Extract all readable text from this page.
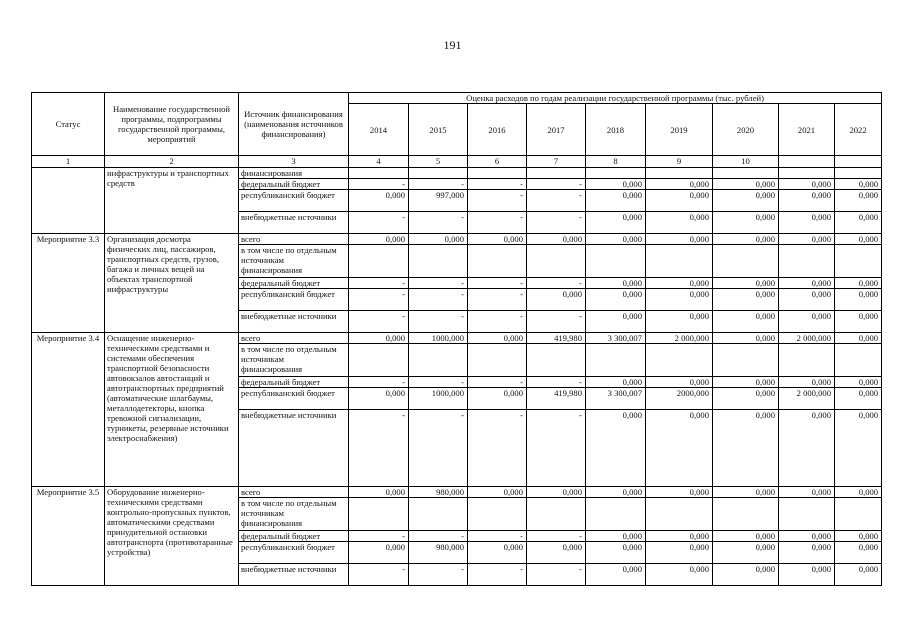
191
Статус	Наименование государственной программы, подпрограммы государственной программы, мероприятий	Источник финансирования (наименования источников финансирования)	Оценка расходов по годам реализации государственной программы (тыс. рублей)								
			2014	2015	2016	2017	2018	2019	2020	2021	2022
1	2	3	4	5	6	7	8	9	10		
	инфраструктуры и транспортных средств	финансирования									
		федеральный бюджет	-	-	-	-	0,000	0,000	0,000	0,000	0,000
		республиканский бюджет	0,000	997,000	-	-	0,000	0,000	0,000	0,000	0,000
		внебюджетные источники	-	-	-	-	0,000	0,000	0,000	0,000	0,000
Мероприятие 3.3	Организация досмотра физических лиц, пассажиров, транспортных средств, грузов, багажа и личных вещей на объектах транспортной инфраструктуры	всего	0,000	0,000	0,000	0,000	0,000	0,000	0,000	0,000	0,000
		в том числе по отдельным источникам финансирования									
		федеральный бюджет	-	-	-	-	0,000	0,000	0,000	0,000	0,000
		республиканский бюджет	-	-	-	0,000	0,000	0,000	0,000	0,000	0,000
		внебюджетные источники	-	-	-	-	0,000	0,000	0,000	0,000	0,000
Мероприятие 3.4	Оснащение инженерно-техническими средствами и системами обеспечения транспортной безопасности автовокзалов автостанций и автотранспортных предприятий (автоматические шлагбаумы, металлодетекторы, кнопка тревожной сигнализации, турникеты, резервные источники электроснабжения)	всего	0,000	1000,000	0,000	419,980	3 300,007	2 000,000	0,000	2 000,000	0,000
		в том числе по отдельным источникам финансирования									
		федеральный бюджет	-	-	-	-	0,000	0,000	0,000	0,000	0,000
		республиканский бюджет	0,000	1000,000	0,000	419,980	3 300,007	2000,000	0,000	2 000,000	0,000
		внебюджетные источники	-	-	-	-	0,000	0,000	0,000	0,000	0,000
Мероприятие 3.5	Оборудование инженерно-техническими средствами контрольно-пропускных пунктов, автоматическими средствами принудительной остановки автотранспорта (противотаранные устройства)	всего	0,000	980,000	0,000	0,000	0,000	0,000	0,000	0,000	0,000
		в том числе по отдельным источникам финансирования									
		федеральный бюджет	-	-	-	-	0,000	0,000	0,000	0,000	0,000
		республиканский бюджет	0,000	980,000	0,000	0,000	0,000	0,000	0,000	0,000	0,000
		внебюджетные источники	-	-	-	-	0,000	0,000	0,000	0,000	0,000
